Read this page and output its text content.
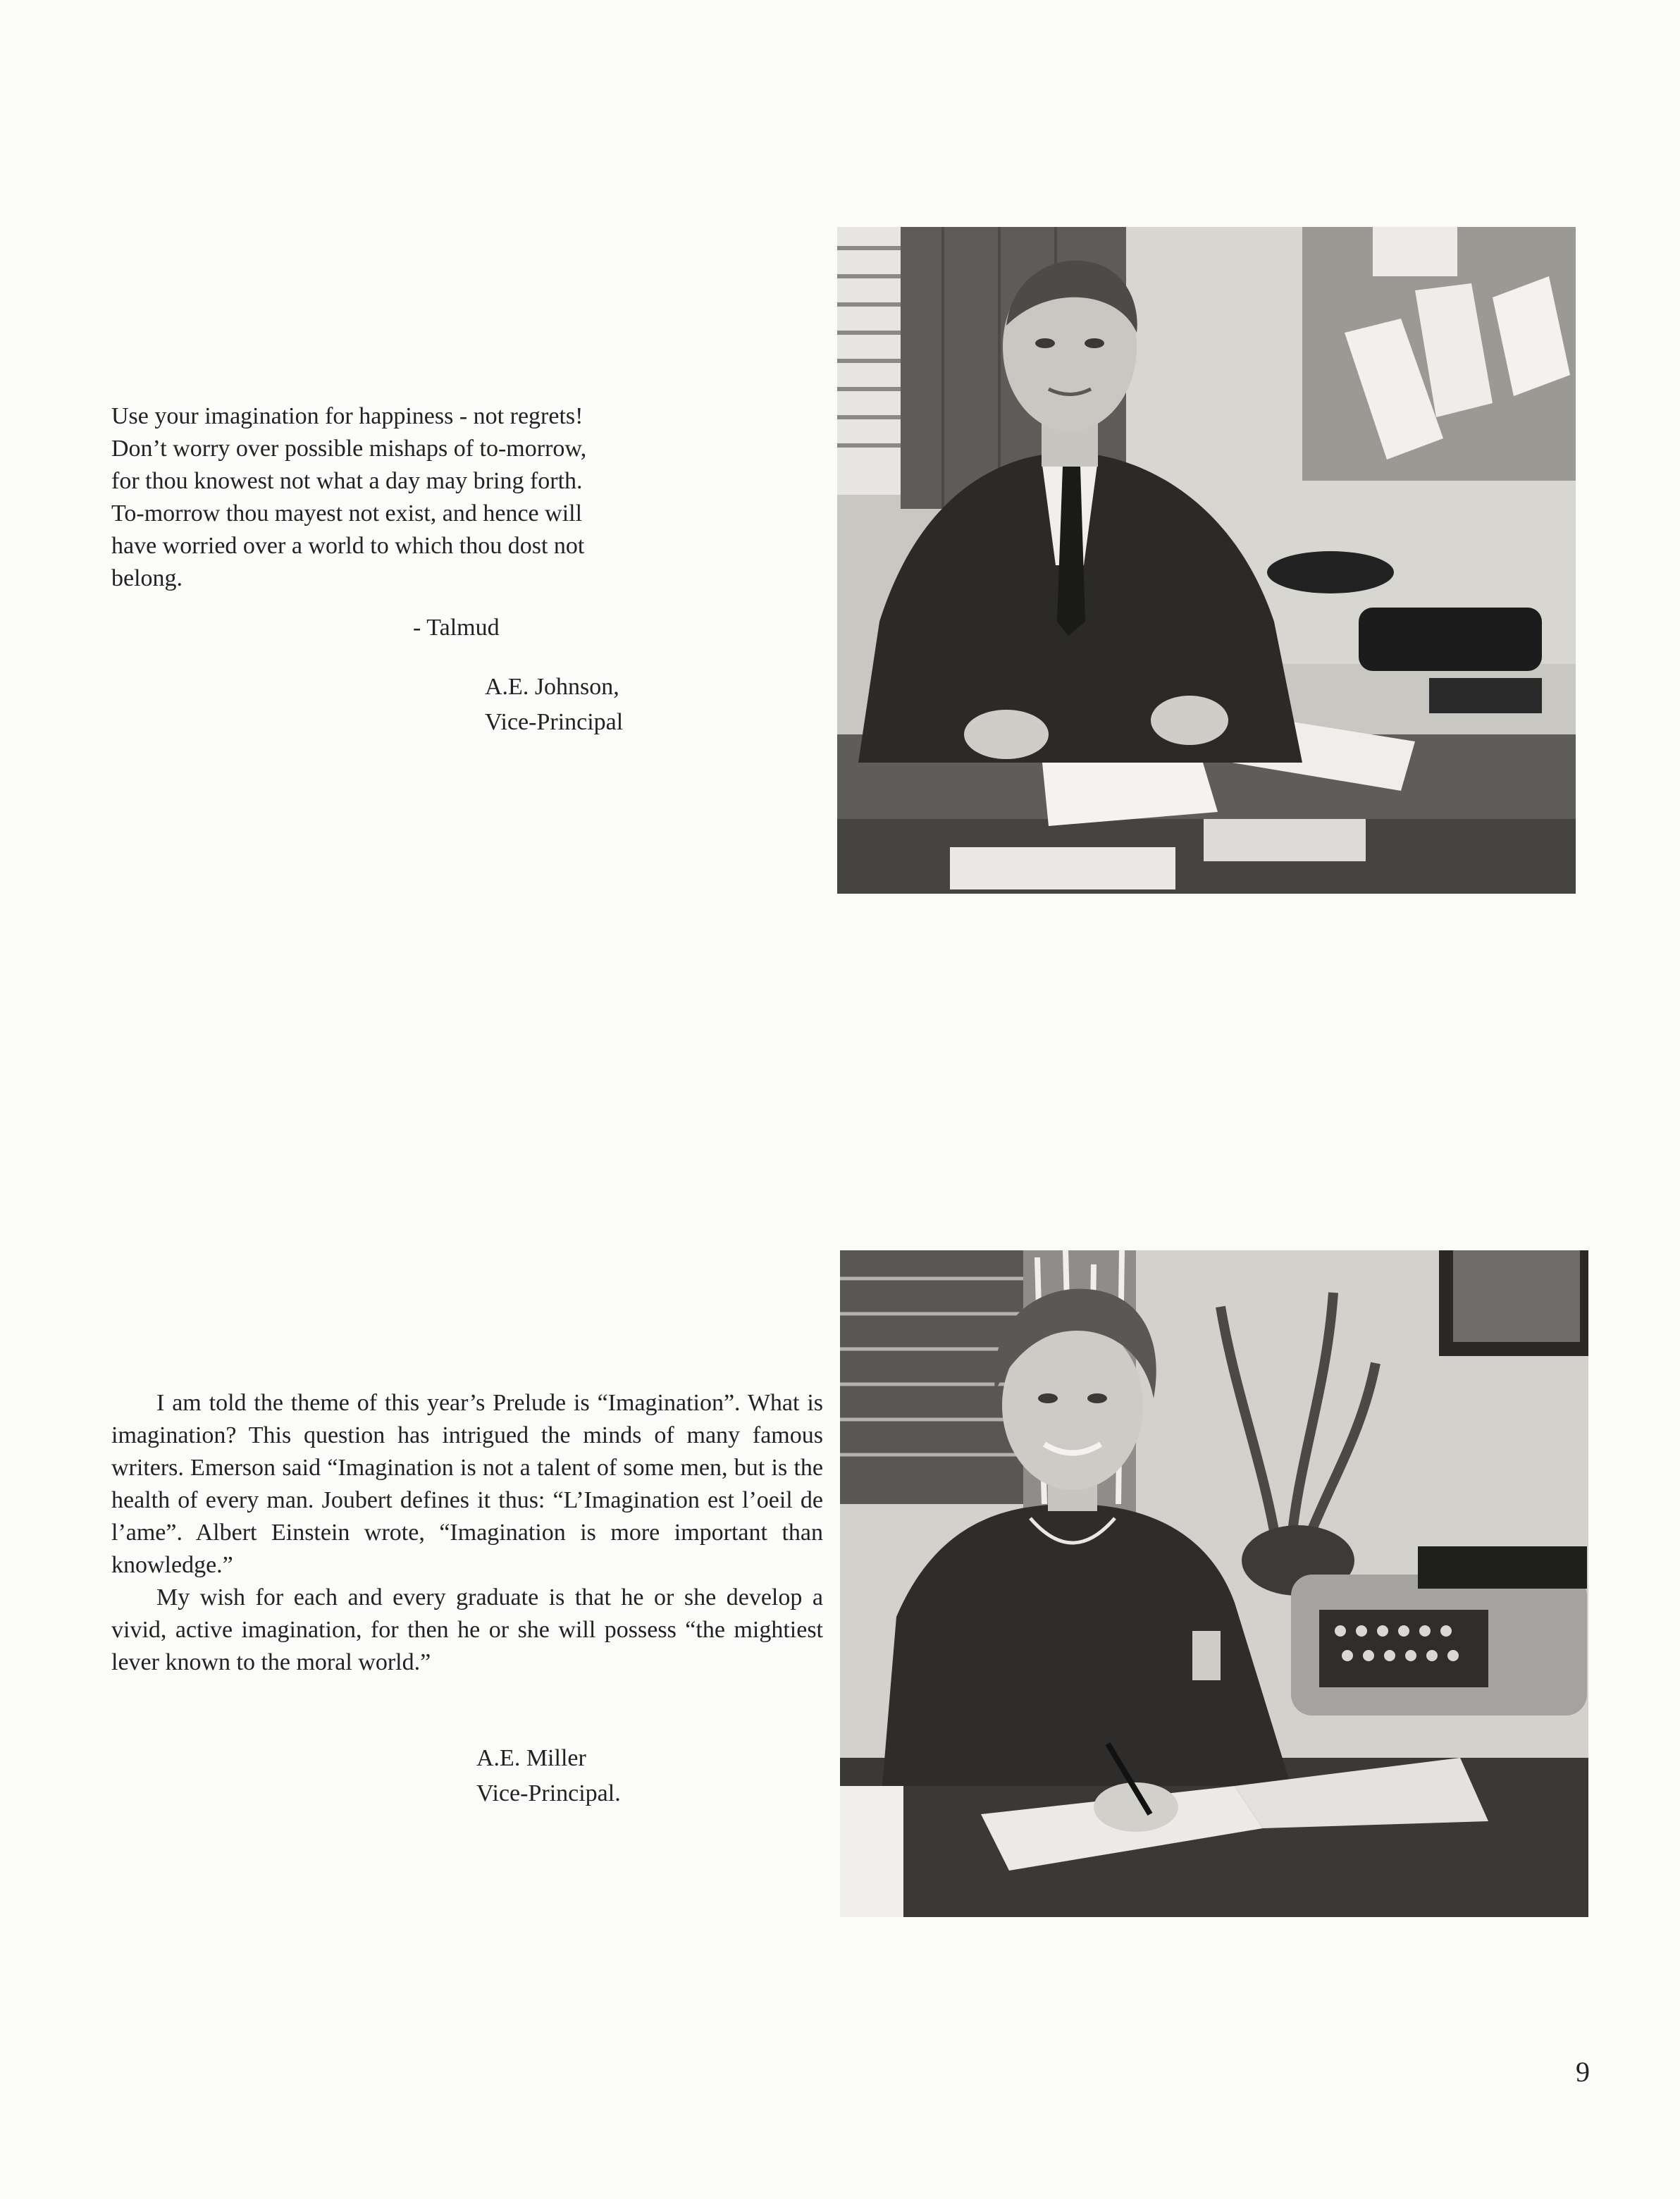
Use your imagination for happiness - not regrets!
Don’t worry over possible mishaps of to-morrow,
for thou knowest not what a day may bring forth.
To-morrow thou mayest not exist, and hence will
have worried over a world to which thou dost not
belong.
- Talmud
A.E. Johnson,
Vice-Principal

I am told the theme of this year’s Prelude is “Imagination”. What is imagination? This question has intrigued the minds of many famous writers. Emerson said “Imagination is not a talent of some men, but is the health of every man. Joubert defines it thus: “L’Imagination est l’oeil de l’ame”. Albert Einstein wrote, “Imagination is more important than knowledge.”

My wish for each and every graduate is that he or she develop a vivid, active imagination, for then he or she will possess “the mightiest lever known to the moral world.”

A.E. Miller
Vice-Principal.
9
